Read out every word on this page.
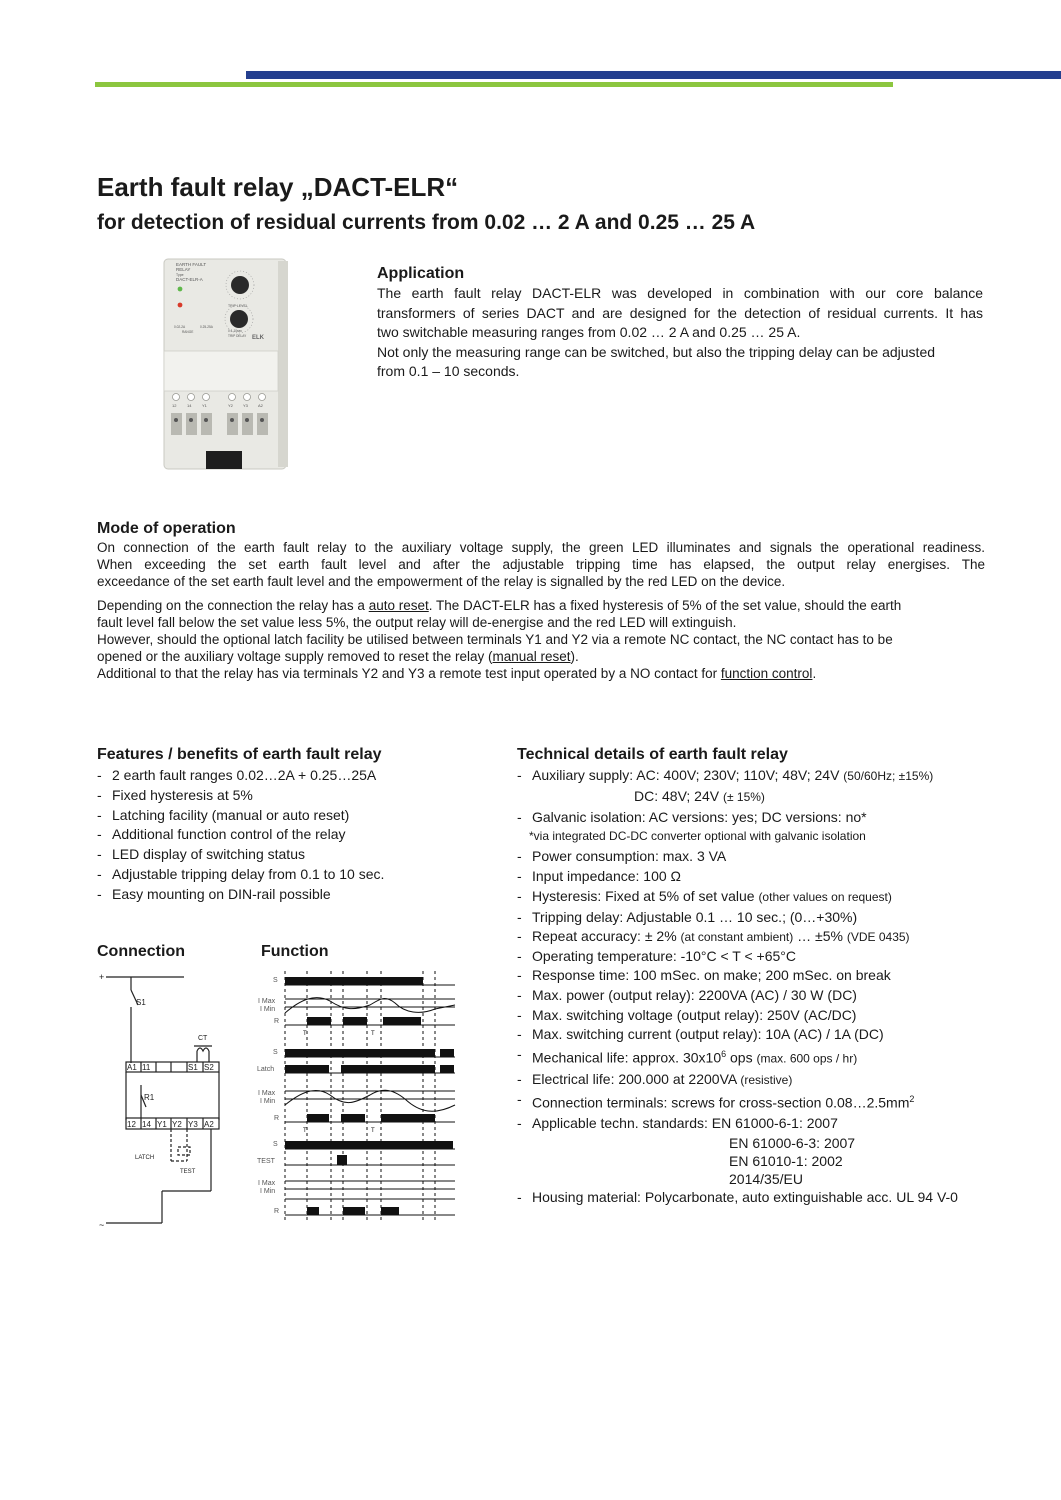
Earth fault relay „DACT-ELR“
for detection of residual currents from 0.02 … 2 A and 0.25 … 25 A
EARTH FAULT
RELAY
Type
DACT-ELR-A
TRIP LEVEL
0.02-2A	0.25-25A
RANGE
TRIP DELAY
0.1-10sec
ELK
12	14	Y1	Y2	Y3	A2
Application
The earth fault relay DACT-ELR was developed in combination with our core balance
transformers of series DACT and are designed for the detection of residual currents. It has
two switchable measuring ranges from 0.02 … 2 A and 0.25 … 25 A.
Not only the measuring range can be switched, but also the tripping delay can be adjusted
from 0.1 – 10 seconds.
Mode of operation

On connection of the earth fault relay to the auxiliary voltage supply, the green LED illuminates and signals the operational readiness.
When exceeding the set earth fault level and after the adjustable tripping time has elapsed, the output relay energises. The
exceedance of the set earth fault level and the empowerment of the relay is signalled by the red LED on the device.

Depending on the connection the relay has a auto reset. The DACT-ELR has a fixed hysteresis of 5% of the set value, should the earth
fault level fall below the set value less 5%, the output relay will de-energise and the red LED will extinguish.
However, should the optional latch facility be utilised between terminals Y1 and Y2 via a remote NC contact, the NC contact has to be
opened or the auxiliary voltage supply removed to reset the relay (manual reset).
Additional to that the relay has via terminals Y2 and Y3 a remote test input operated by a NO contact for function control.

Features / benefits of earth fault relay
- 2 earth fault ranges 0.02…2A + 0.25…25A
- Fixed hysteresis at 5%
- Latching facility (manual or auto reset)
- Additional function control of the relay
- LED display of switching status
- Adjustable tripping delay from 0.1 to 10 sec.
- Easy mounting on DIN-rail possible
Technical details of earth fault relay
- Auxiliary supply: AC: 400V; 230V; 110V; 48V; 24V (50/60Hz; ±15%)
DC: 48V; 24V (± 15%)
- Galvanic isolation: AC versions: yes; DC versions: no*
*via integrated DC-DC converter optional with galvanic isolation
- Power consumption: max. 3 VA
- Input impedance: 100 Ω
- Hysteresis: Fixed at 5% of set value (other values on request)
- Tripping delay: Adjustable 0.1 … 10 sec.; (0…+30%)
- Repeat accuracy: ± 2% (at constant ambient) … ±5% (VDE 0435)
- Operating temperature: -10°C < T < +65°C
- Response time: 100 mSec. on make; 200 mSec. on break
- Max. power (output relay): 2200VA (AC) / 30 W (DC)
- Max. switching voltage (output relay): 250V (AC/DC)
- Max. switching current (output relay): 10A (AC) / 1A (DC)
- Mechanical life: approx. $30x10^6$ ops (max. 600 ops / hr)
- Electrical life: 200.000 at 2200VA (resistive)
- Connection terminals: screws for cross-section $0.08\dots 2.5mm^2$
- Applicable techn. standards: EN 61000-6-1: 2007
EN 61000-6-3: 2007
EN 61010-1: 2002
2014/35/EU
- Housing material: Polycarbonate, auto extinguishable acc. UL 94 V-0
Connection	Function
+
~
S1
CT
R1
A1 11	S1 S2
12 14 Y1 Y2 Y3 A2
LATCH
TEST
S
I Max
I Min
R
S
Latch
I Max
I Min
R
S
TEST
I Max
I Min
R
T	T
T	T
